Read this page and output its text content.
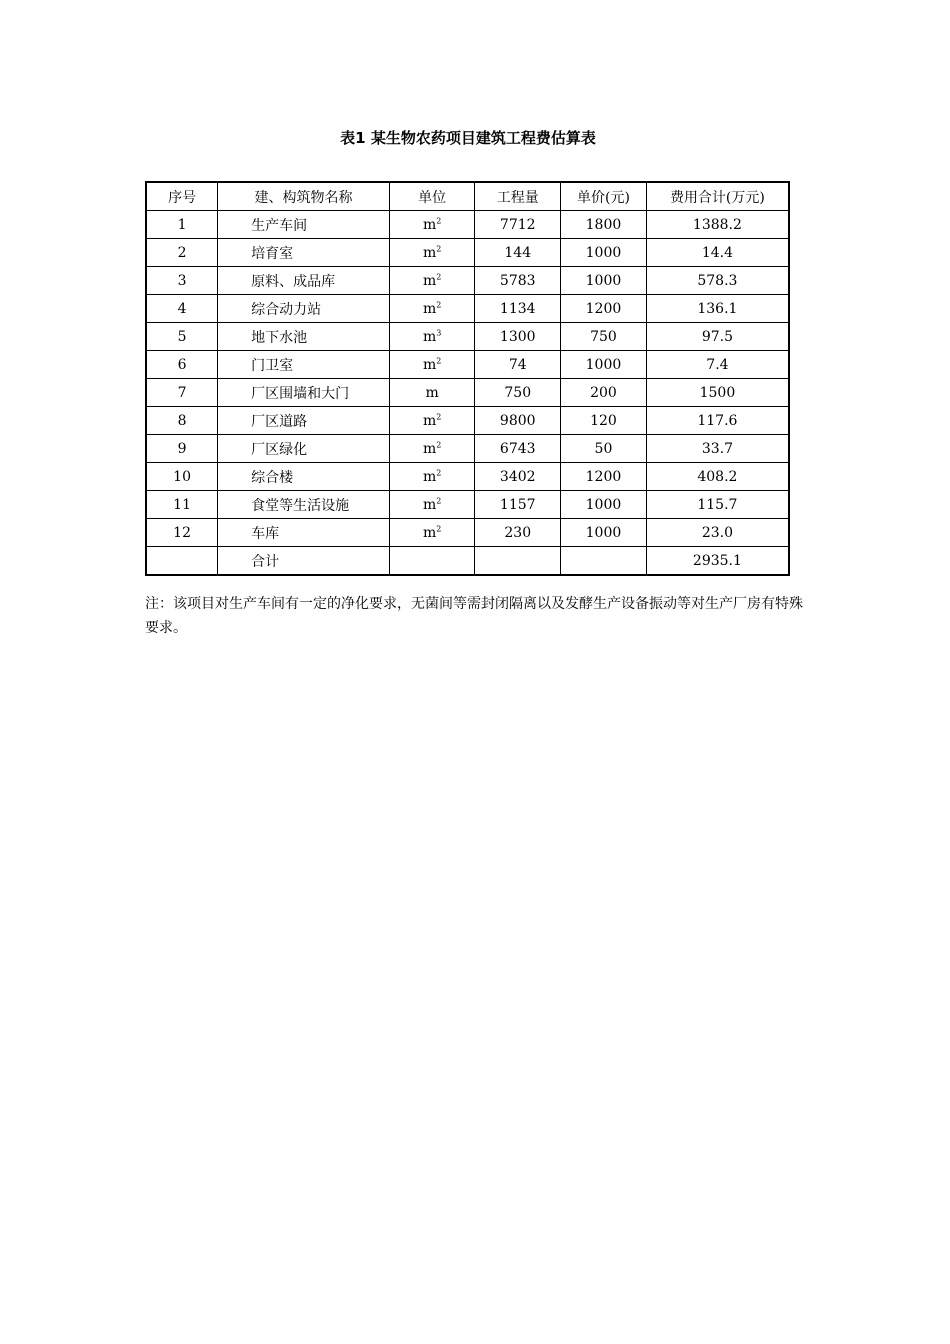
表1 某生物农药项目建筑工程费估算表
序号	建、构筑物名称	单位	工程量	单价(元)	费用合计(万元)
1	生产车间	$m^2$	7712	1800	1388.2
2	培育室	$m^2$	144	1000	14.4
3	原料、成品库	$m^2$	5783	1000	578.3
4	综合动力站	$m^2$	1134	1200	136.1
5	地下水池	$m^3$	1300	750	97.5
6	门卫室	$m^2$	74	1000	7.4
7	厂区围墙和大门	m	750	200	1500
8	厂区道路	$m^2$	9800	120	117.6
9	厂区绿化	$m^2$	6743	50	33.7
10	综合楼	$m^2$	3402	1200	408.2
11	食堂等生活设施	$m^2$	1157	1000	115.7
12	车库	$m^2$	230	1000	23.0
	合计				2935.1
注：该项目对生产车间有一定的净化要求，无菌间等需封闭隔离以及发酵生产设备振动等对生产厂房有特殊要求。
